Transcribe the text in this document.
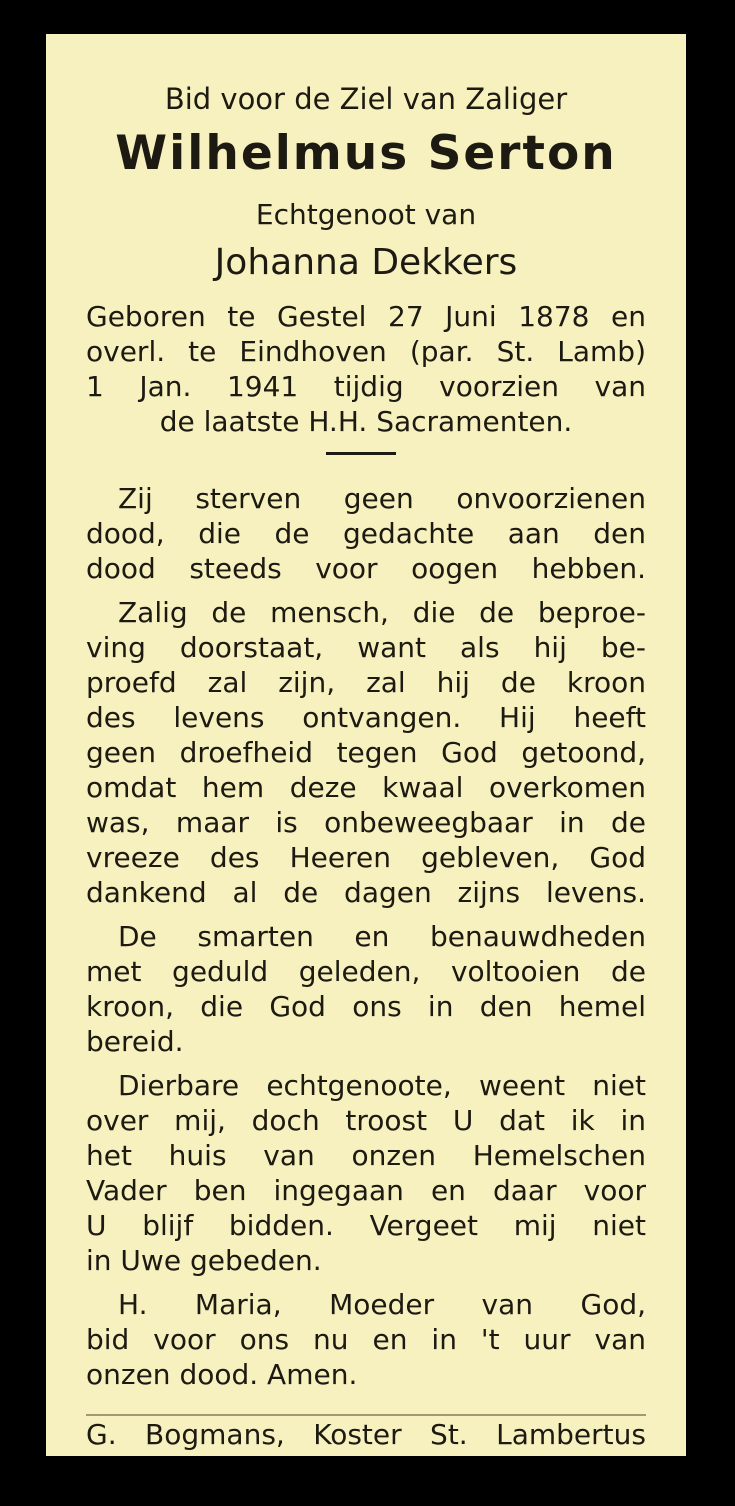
Bid voor de Ziel van Zaliger
Wilhelmus Serton
Echtgenoot van
Johanna Dekkers
Geboren te Gestel 27 Juni 1878 en
overl. te Eindhoven (par. St. Lamb)
1 Jan. 1941 tijdig voorzien van
de laatste H.H. Sacramenten.
Zij sterven geen onvoorzienen
dood, die de gedachte aan den
dood steeds voor oogen hebben.
Zalig de mensch, die de beproe-
ving doorstaat, want als hij be-
proefd zal zijn, zal hij de kroon
des levens ontvangen. Hij heeft
geen droefheid tegen God getoond,
omdat hem deze kwaal overkomen
was, maar is onbeweegbaar in de
vreeze des Heeren gebleven, God
dankend al de dagen zijns levens.
De smarten en benauwdheden
met geduld geleden, voltooien de
kroon, die God ons in den hemel
bereid.
Dierbare echtgenoote, weent niet
over mij, doch troost U dat ik in
het huis van onzen Hemelschen
Vader ben ingegaan en daar voor
U blijf bidden. Vergeet mij niet
in Uwe gebeden.
H. Maria, Moeder van God,
bid voor ons nu en in 't uur van
onzen dood. Amen.
G. Bogmans, Koster St. Lambertus
